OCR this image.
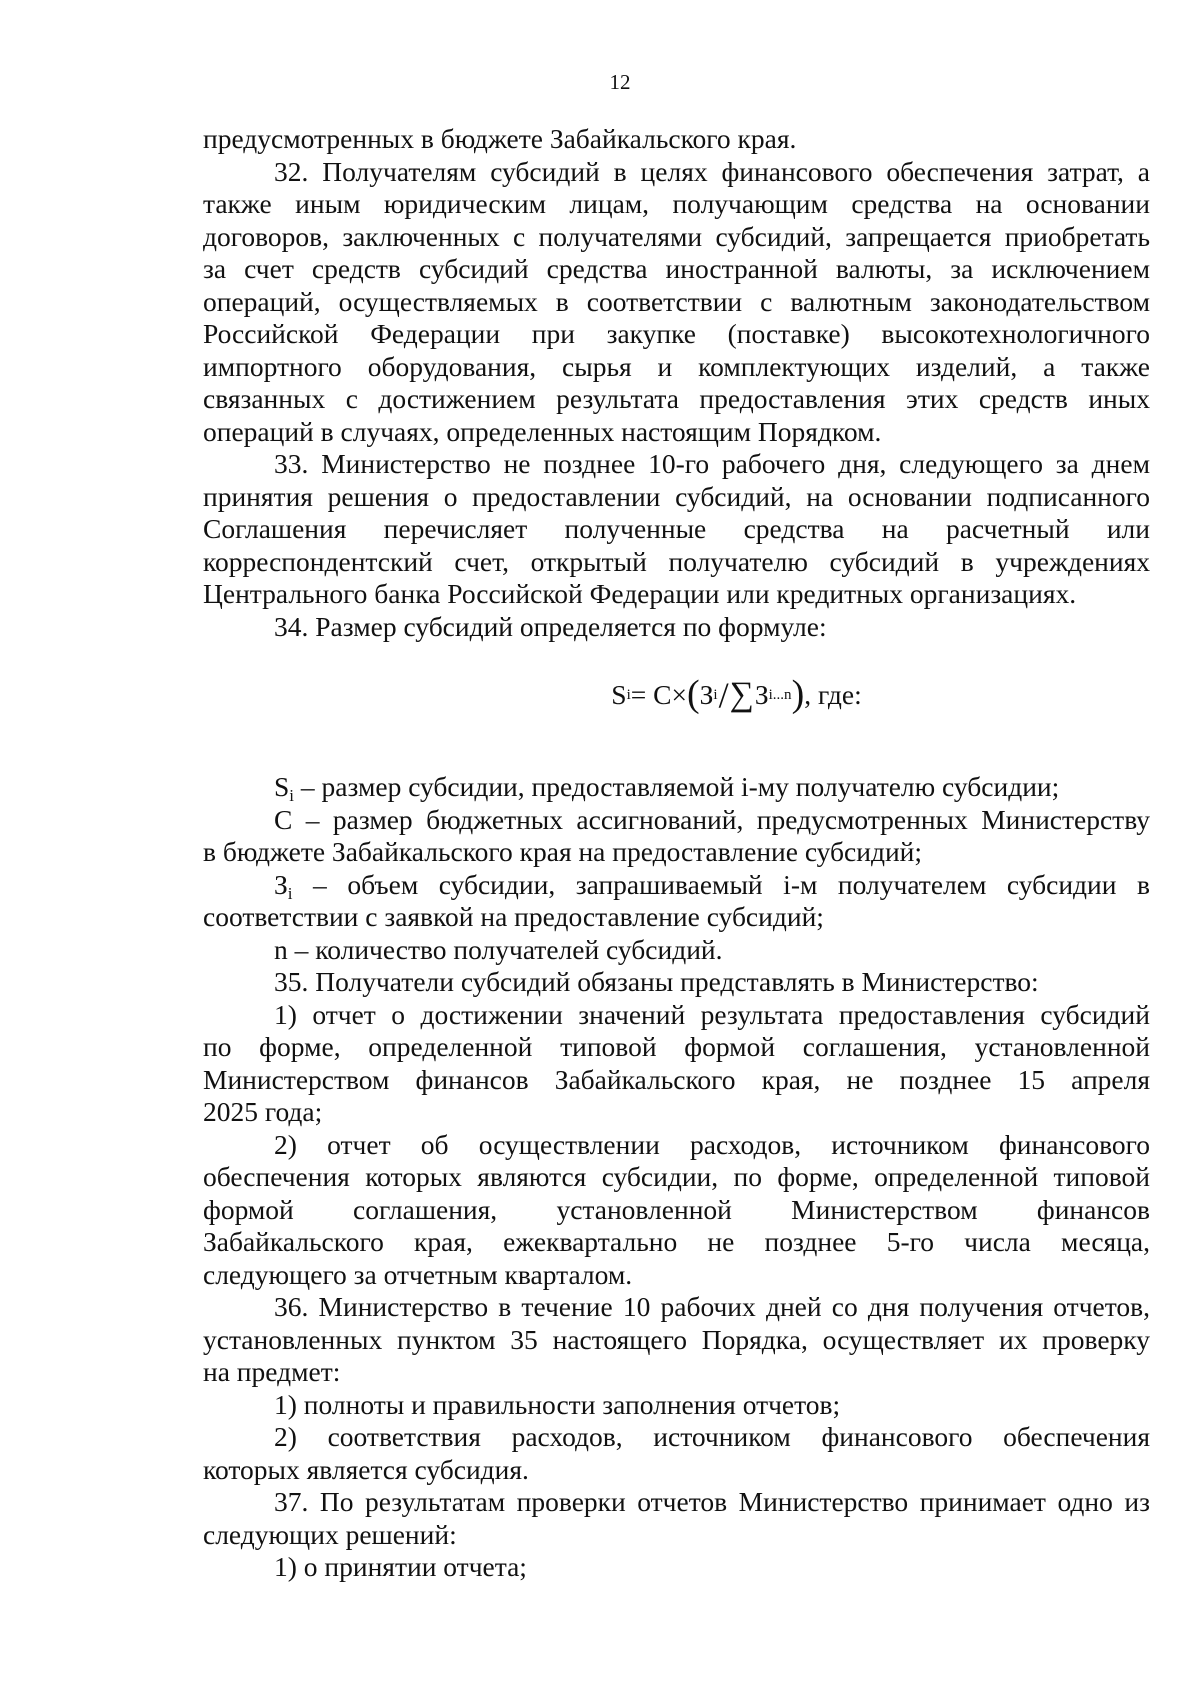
12
предусмотренных в бюджете Забайкальского края.
32. Получателям субсидий в целях финансового обеспечения затрат, а
также иным юридическим лицам, получающим средства на основании
договоров, заключенных с получателями субсидий, запрещается приобретать
за счет средств субсидий средства иностранной валюты, за исключением
операций, осуществляемых в соответствии с валютным законодательством
Российской Федерации при закупке (поставке) высокотехнологичного
импортного оборудования, сырья и комплектующих изделий, а также
связанных с достижением результата предоставления этих средств иных
операций в случаях, определенных настоящим Порядком.
33. Министерство не позднее 10-го рабочего дня, следующего за днем
принятия решения о предоставлении субсидий, на основании подписанного
Соглашения перечисляет полученные средства на расчетный или
корреспондентский счет, открытый получателю субсидий в учреждениях
Центрального банка Российской Федерации или кредитных организациях.
34. Размер субсидий определяется по формуле:
S i = C× ( З i / ∑ З i...n ) , где:
Si – размер субсидии, предоставляемой i-му получателю субсидии;
С – размер бюджетных ассигнований, предусмотренных Министерству
в бюджете Забайкальского края на предоставление субсидий;
Зi – объем субсидии, запрашиваемый i-м получателем субсидии в
соответствии с заявкой на предоставление субсидий;
n – количество получателей субсидий.
35. Получатели субсидий обязаны представлять в Министерство:
1) отчет о достижении значений результата предоставления субсидий
по форме, определенной типовой формой соглашения, установленной
Министерством финансов Забайкальского края, не позднее 15 апреля
2025 года;
2) отчет об осуществлении расходов, источником финансового
обеспечения которых являются субсидии, по форме, определенной типовой
формой соглашения, установленной Министерством финансов
Забайкальского края, ежеквартально не позднее 5-го числа месяца,
следующего за отчетным кварталом.
36. Министерство в течение 10 рабочих дней со дня получения отчетов,
установленных пунктом 35 настоящего Порядка, осуществляет их проверку
на предмет:
1) полноты и правильности заполнения отчетов;
2) соответствия расходов, источником финансового обеспечения
которых является субсидия.
37. По результатам проверки отчетов Министерство принимает одно из
следующих решений:
1) о принятии отчета;
